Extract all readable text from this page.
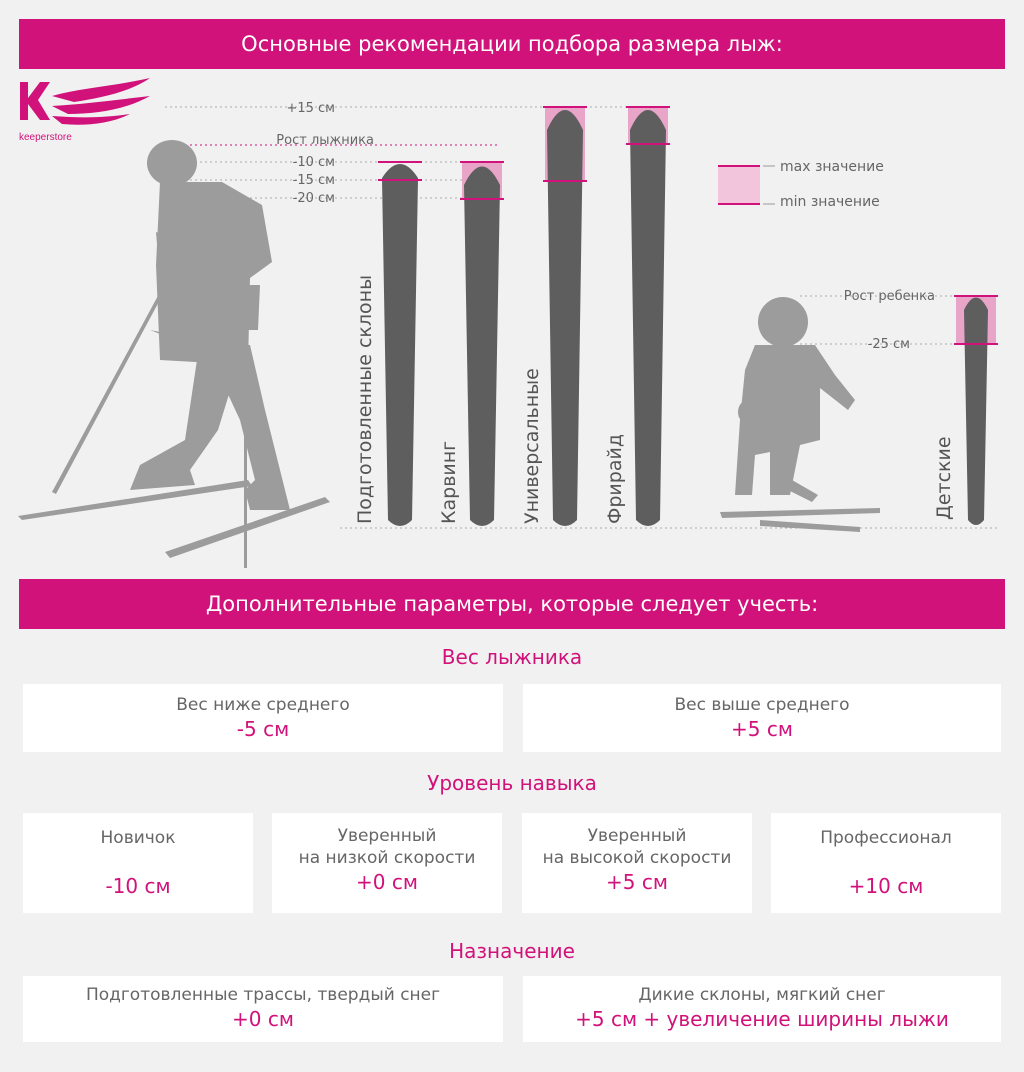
Основные рекомендации подбора размера лыж:
keeperstore
+15 см
Рост лыжника
-10 см
-15 см
-20 см
Подготовленные склоны	Карвинг	Универсальные	Фрирайд	Детские
max значение
min значение
Рост ребенка
-25 см
Дополнительные параметры, которые следует учесть:
Вес лыжника
Вес ниже среднего
-5 см
Вес выше среднего
+5 см
Уровень навыка
Новичок

-10 см
Уверенный
на низкой скорости
+0 см
Уверенный
на высокой скорости
+5 см
Профессионал

+10 см
Назначение
Подготовленные трассы, твердый снег
+0 см
Дикие склоны, мягкий снег
+5 см + увеличение ширины лыжи
